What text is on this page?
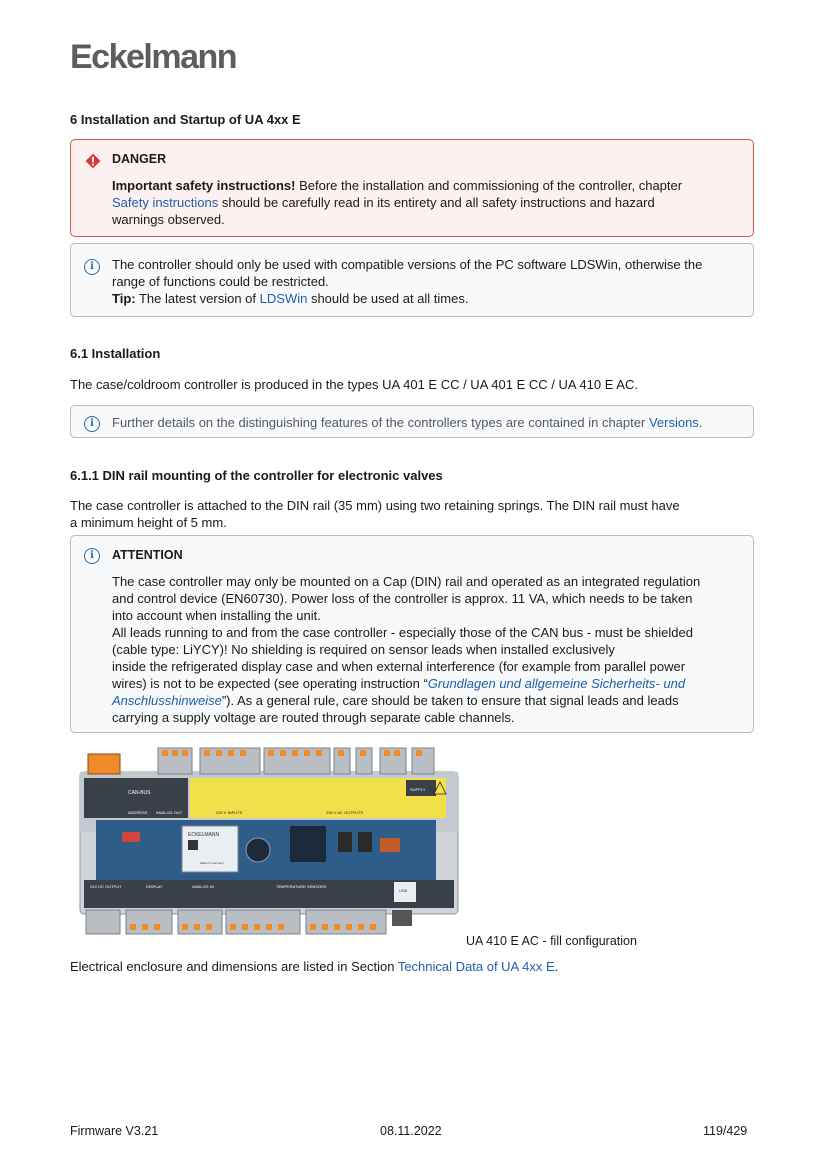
Eckelmann
6 Installation and Startup of UA 4xx E
DANGER
Important safety instructions! Before the installation and commissioning of the controller, chapter
Safety instructions should be carefully read in its entirety and all safety instructions and hazard
warnings observed.
i	The controller should only be used with compatible versions of the PC software LDSWin, otherwise the
range of functions could be restricted.
Tip: The latest version of LDSWin should be used at all times.
6.1 Installation
The case/coldroom controller is produced in the types UA 401 E CC / UA 401 E CC / UA 410 E AC.
i	Further details on the distinguishing features of the controllers types are contained in chapter Versions.
6.1.1 DIN rail mounting of the controller for electronic valves
The case controller is attached to the DIN rail (35 mm) using two retaining springs. The DIN rail must have
a minimum height of 5 mm.
i	ATTENTION
The case controller may only be mounted on a Cap (DIN) rail and operated as an integrated regulation
and control device (EN60730). Power loss of the controller is approx. 11 VA, which needs to be taken
into account when installing the unit.
All leads running to and from the case controller - especially those of the CAN bus - must be shielded
(cable type: LiYCY)! No shielding is required on sensor leads when installed exclusively
inside the refrigerated display case and when external interference (for example from parallel power
wires) is not to be expected (see operating instruction “Grundlagen und allgemeine Sicherheits- und
Anschlusshinweise”). As a general rule, care should be taken to ensure that signal leads and leads
carrying a supply voltage are routed through separate cable channels.
CAN-BUS
ADDRESS ANALOG OUT	230 V INPUTS	230 V AC OUTPUTS
SUPPLY
ECKELMANN
Made in Germany
24V DC OUTPUT	DISPLAY	ANALOG IN	TEMPERATURE SENSORS
USB
UA 410 E AC - fill configuration
Electrical enclosure and dimensions are listed in Section Technical Data of UA 4xx E.
Firmware V3.21	08.11.2022	119/429
